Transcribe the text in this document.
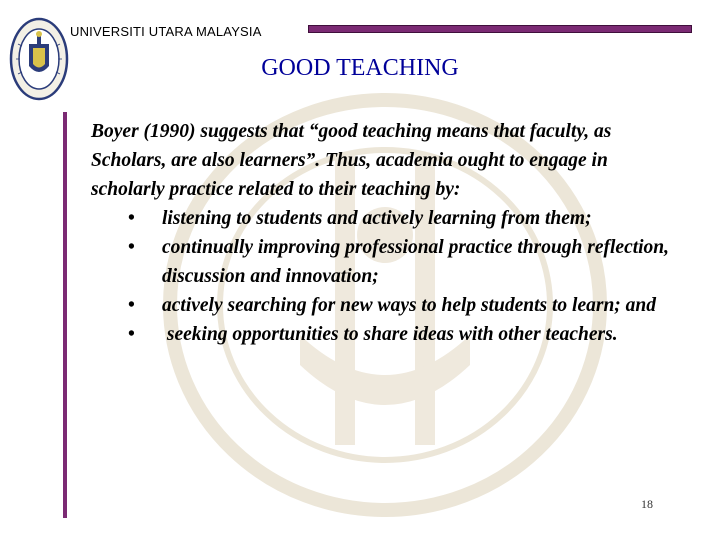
UNIVERSITI UTARA MALAYSIA
GOOD TEACHING

Boyer (1990) suggests that “good teaching means that faculty, as Scholars, are also learners”. Thus, academia ought to engage in scholarly practice related to their teaching by:

• listening to students and actively learning from them;
• continually improving professional practice through reflection, discussion and innovation;
• actively searching for new ways to help students to learn; and
• seeking opportunities to share ideas with other teachers.
18
